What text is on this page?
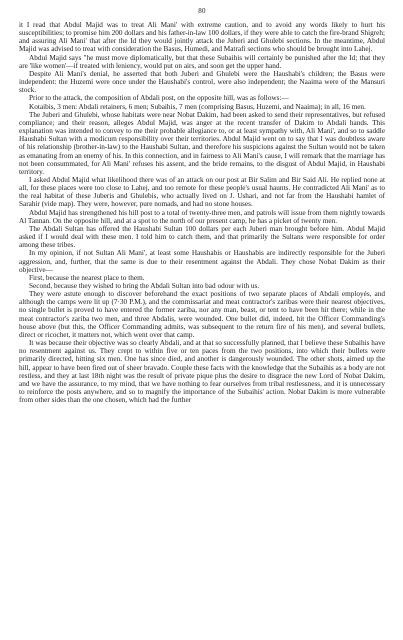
80

it I read that Abdul Majid was to treat Ali Mani' with extreme caution, and to avoid any words likely to hurt his susceptibilities; to promise him 200 dollars and his father-in-law 100 dollars, if they were able to catch the fire-brand Shigreh; and assuring Ali Mani' that after the Id they would jointly attack the Juberi and Ghulebi sections. In the meantime, Abdul Majid was advised to treat with consideration the Basus, Humedi, and Matrafi sections who should be brought into Lahej.

Abdul Majid says "he must move diplomatically, but that these Subaihis will certainly be punished after the Id; that they are 'like women'—if treated with leniency, would put on airs, and soon get the upper hand.

Despite Ali Mani's denial, he asserted that both Juberi and Ghulebi were the Haushabi's children; the Basus were independent: the Huzemi were once under the Haushabi's control, were also independent; the Naaima were of the Mansuri stock.

Prior to the attack, the composition of Abdali post, on the opposite hill, was as follows:—

Kotaibis, 3 men: Abdali retainers, 6 men; Subaihis, 7 men (comprising Basus, Huzemi, and Naaima); in all, 16 men.

The Juberi and Ghulebi, whose habitats were near Nobat Dakim, had been asked to send their representatives, but refused compliance; and their reason, alleges Abdul Majid, was anger at the recent transfer of Dakim to Abdali hands. This explanation was intended to convey to me their probable allegiance to, or at least sympathy with, Ali Mani', and so to saddle Haushabi Sultan with a modicum responsibility over their territories. Abdul Majid went on to say that I was doubtless aware of his relationship (brother-in-law) to the Haushabi Sultan, and therefore his suspicions against the Sultan would not be taken as emanating from an enemy of his. In this connection, and in fairness to Ali Mani's cause, I will remark that the marriage has not been consummated, for Ali Mani' refuses his assent, and the bride remains, to the disgust of Abdul Majid, in Haushabi territory.

I asked Abdul Majid what likelihood there was of an attack on our post at Bir Salim and Bir Said Ali. He replied none at all, for these places were too close to Lahej, and too remote for these people's usual haunts. He contradicted Ali Mani' as to the real habitat of these Juberis and Ghulebis, who actually lived on J. Ushari, and not far from the Haushabi hamlet of Sarahir (vide map). They were, however, pure nomads, and had no stone houses.

Abdul Majid has strengthened his hill post to a total of twenty-three men, and patrols will issue from them nightly towards Al Tannan. On the opposite hill, and at a spot to the north of our present camp, he has a picket of twenty men.

The Abdali Sultan has offered the Haushabi Sultan 100 dollars per each Juberi man brought before him. Abdul Majid asked if I would deal with these men. I told him to catch them, and that primarily the Sultans were responsible for order among these tribes.

In my opinion, if not Sultan Ali Mani', at least some Haushabis or Haushabis are indirectly responsible for the Juberi aggression, and, further, that the same is due to their resentment against the Abdali. They chose Nobat Dakim as their objective—

First, because the nearest place to them.

Second, because they wished to bring the Abdali Sultan into bad odour with us.

They were astute enough to discover beforehand the exact positions of two separate places of Abdali employés, and although the camps were lit up (7·30 P.M.), and the commissariat and meat contractor's zaribas were their nearest objectives, no single bullet is proved to have entered the former zariba, nor any man, beast, or tent to have been hit there; while in the meat contractor's zariba two men, and three Abdalis, were wounded. One bullet did, indeed, hit the Officer Commanding's house above (but this, the Officer Commanding admits, was subsequent to the return fire of his men), and several bullets, direct or ricochet, it matters not, which went over that camp.

It was because their objective was so clearly Abdali, and at that so successfully planned, that I believe these Subaihis have no resentment against us. They crept to within five or ten paces from the two positions, into which their bullets were primarily directed, hitting six men. One has since died, and another is dangerously wounded. The other shots, aimed up the hill, appear to have been fired out of sheer bravado. Couple these facts with the knowledge that the Subaihis as a body are not restless, and they at last 18th night was the result of private pique plus the desire to disgrace the new Lord of Nobat Dakim, and we have the assurance, to my mind, that we have nothing to fear ourselves from tribal restlessness, and it is unnecessary to reinforce the posts anywhere, and so to magnify the importance of the Subaihis' action. Nobat Dakim is more vulnerable from other sides than the one chosen, which had the further
